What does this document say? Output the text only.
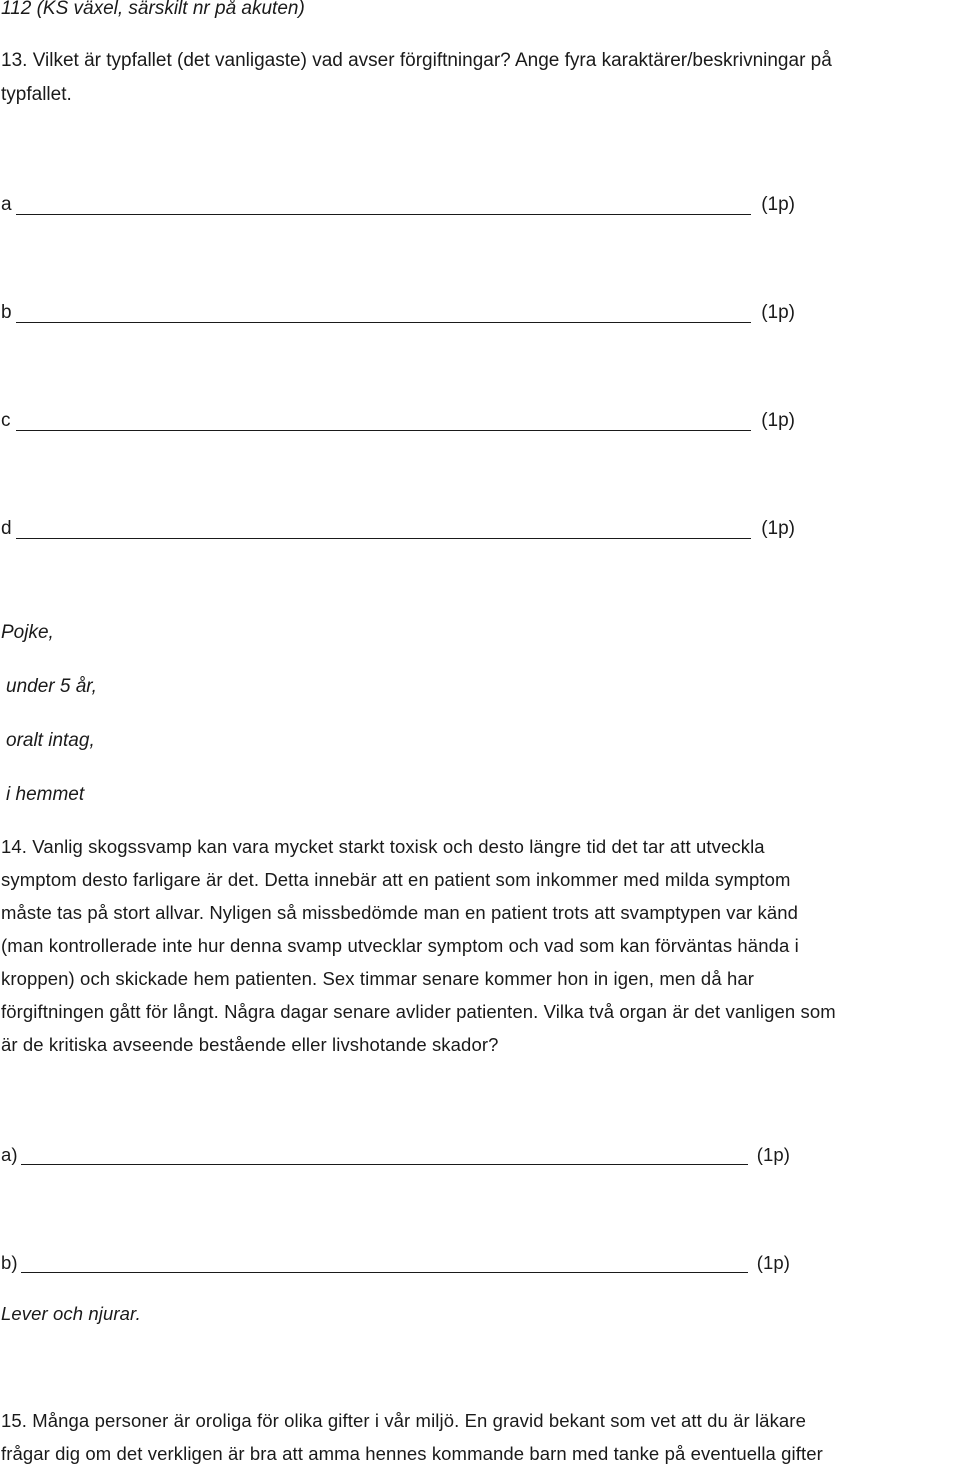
112 (KS växel, särskilt nr på akuten)
13. Vilket är typfallet (det vanligaste) vad avser förgiftningar? Ange fyra karaktärer/beskrivningar på
typfallet.
a	(1p)
b	(1p)
c	(1p)
d	(1p)
Pojke,
under 5 år,
oralt intag,
i hemmet
14. Vanlig skogssvamp kan vara mycket starkt toxisk och desto längre tid det tar att utveckla
symptom desto farligare är det. Detta innebär att en patient som inkommer med milda symptom
måste tas på stort allvar. Nyligen så missbedömde man en patient trots att svamptypen var känd
(man kontrollerade inte hur denna svamp utvecklar symptom och vad som kan förväntas hända i
kroppen) och skickade hem patienten. Sex timmar senare kommer hon in igen, men då har
förgiftningen gått för långt. Några dagar senare avlider patienten. Vilka två organ är det vanligen som
är de kritiska avseende bestående eller livshotande skador?
a)	(1p)
b)	(1p)
Lever och njurar.
15. Många personer är oroliga för olika gifter i vår miljö. En gravid bekant som vet att du är läkare
frågar dig om det verkligen är bra att amma hennes kommande barn med tanke på eventuella gifter
